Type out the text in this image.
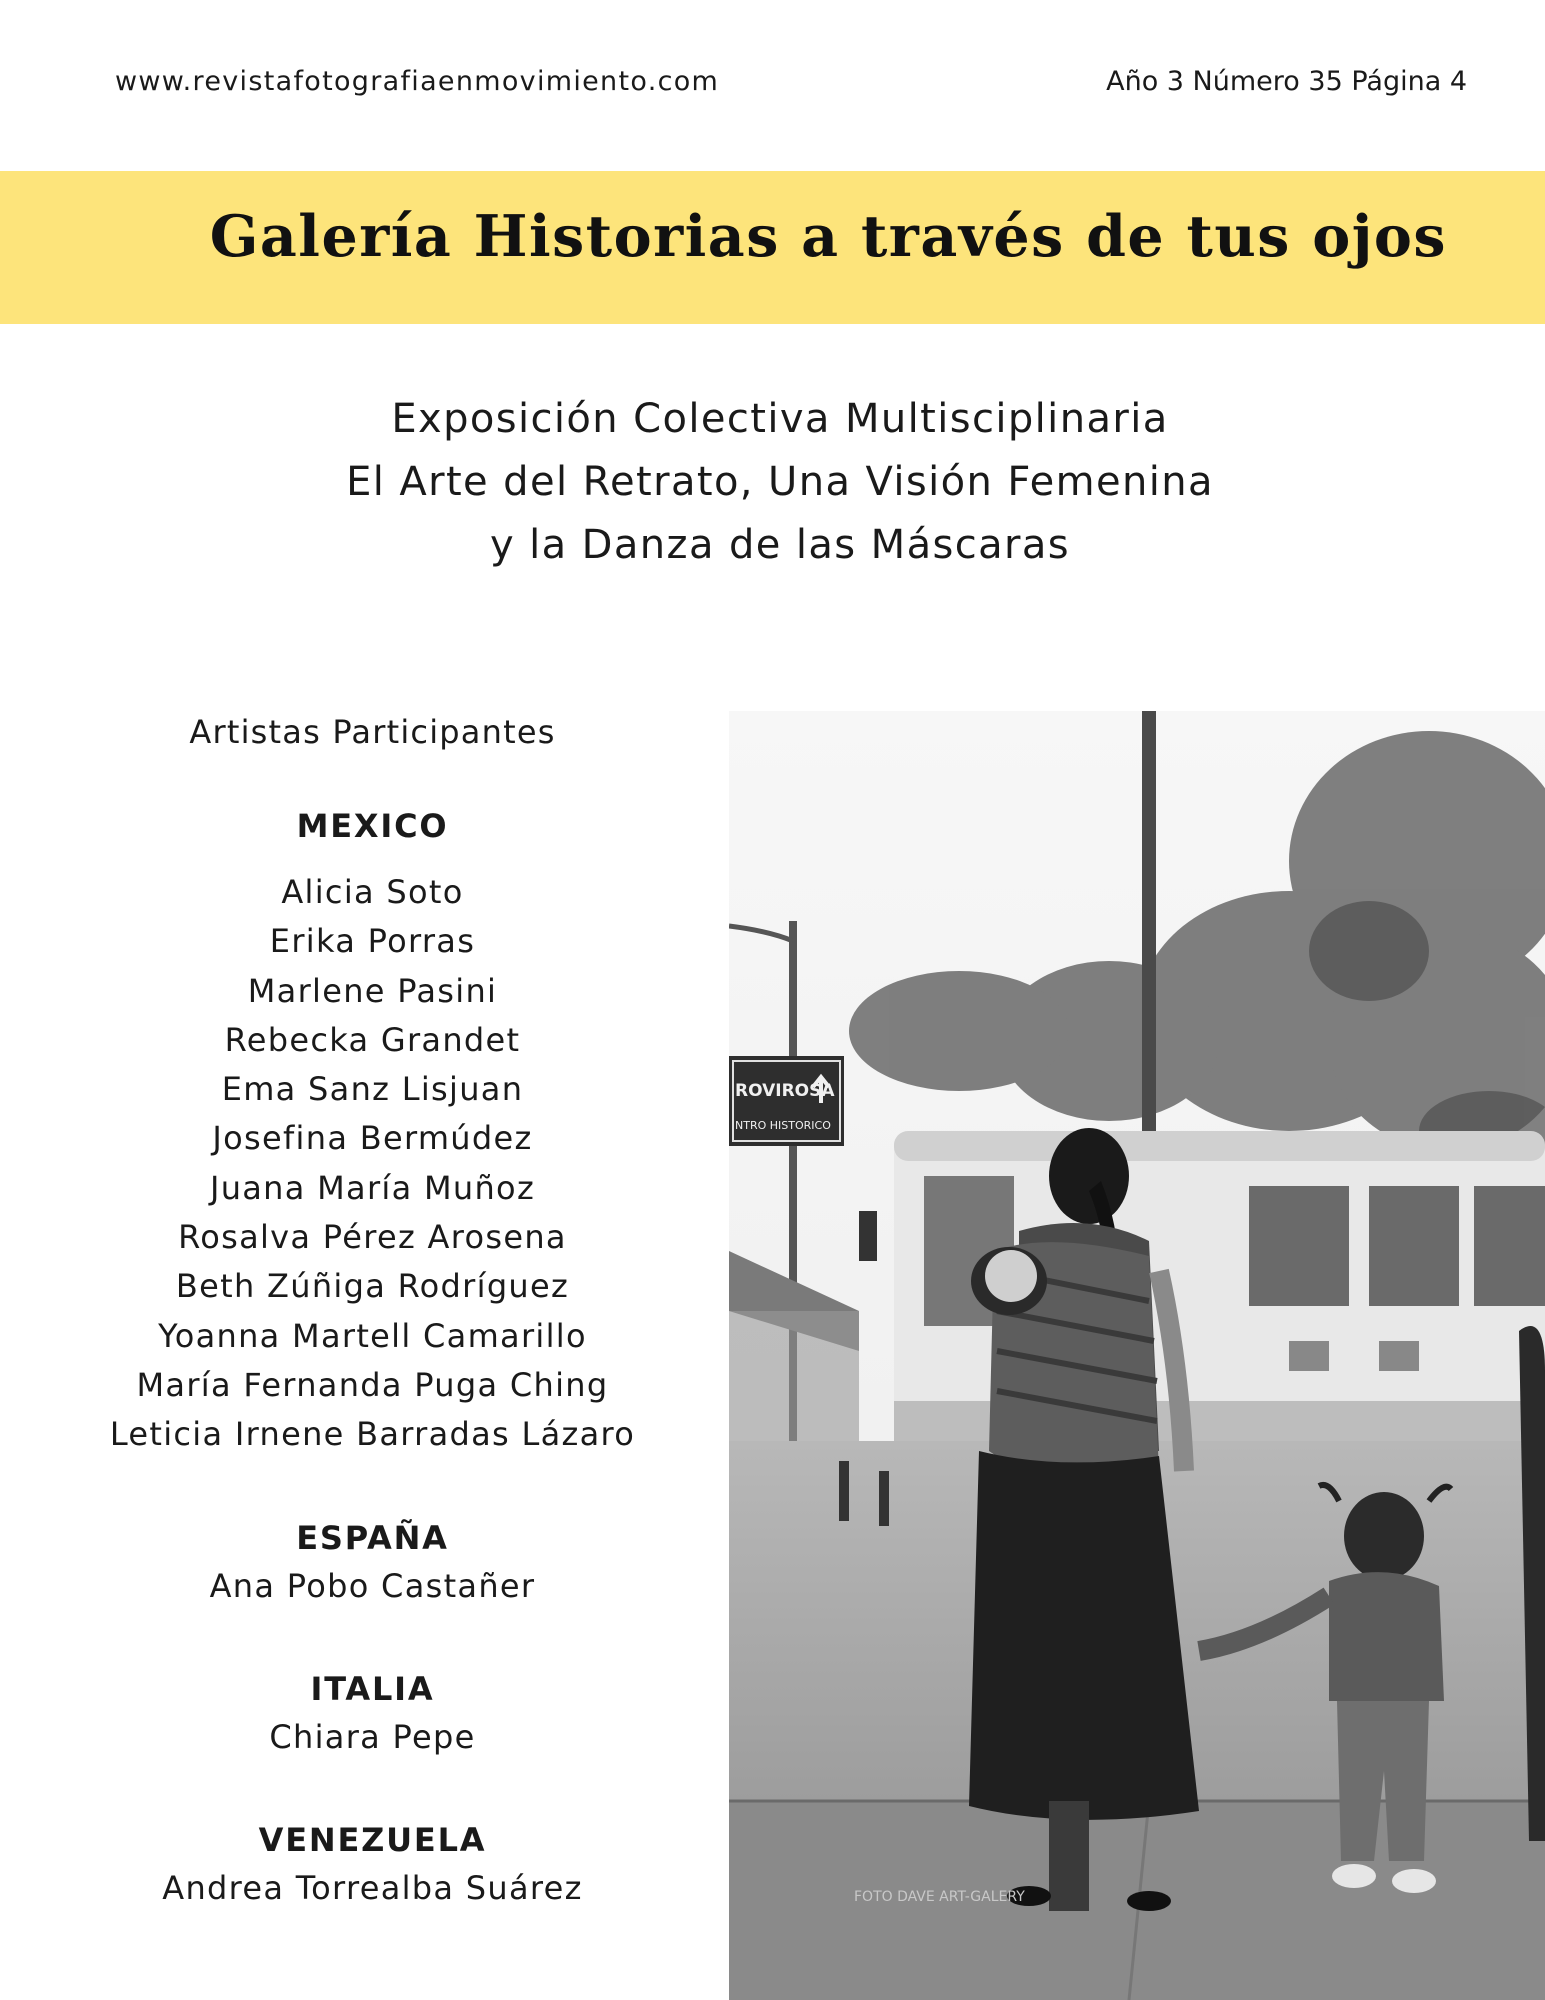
www.revistafotografiaenmovimiento.com	Año 3 Número 35 Página 4
Galería Historias a través de tus ojos
Exposición Colectiva Multisciplinaria
El Arte del Retrato, Una Visión Femenina
y la Danza de las Máscaras
Artistas Participantes
MEXICO
Alicia Soto
Erika Porras
Marlene Pasini
Rebecka Grandet
Ema Sanz Lisjuan
Josefina Bermúdez
Juana María Muñoz
Rosalva Pérez Arosena
Beth Zúñiga Rodríguez
Yoanna Martell Camarillo
María Fernanda Puga Ching
Leticia Irnene Barradas Lázaro
ESPAÑA
Ana Pobo Castañer
ITALIA
Chiara Pepe
VENEZUELA
Andrea Torrealba Suárez
ROVIROSA
NTRO HISTORICO
FOTO DAVE ART-GALERY
